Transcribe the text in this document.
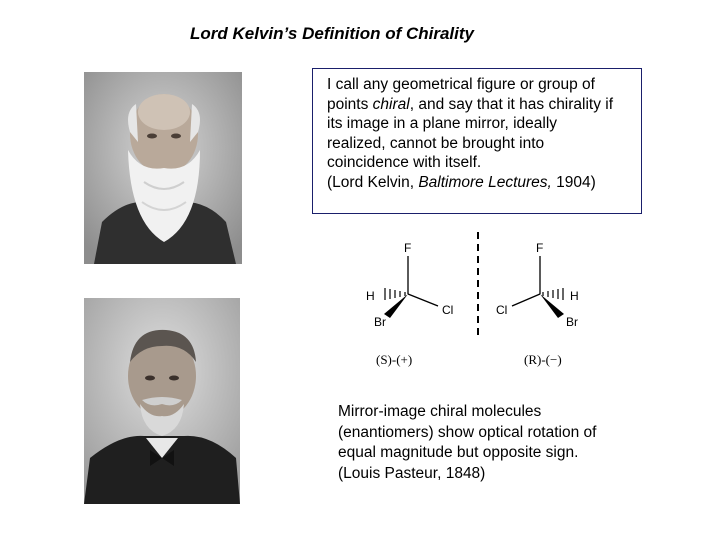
Lord Kelvin’s Definition of Chirality
I call any geometrical figure or group of
points chiral, and say that it has chirality if
its image in a plane mirror, ideally
realized, cannot be brought into
coincidence with itself.
(Lord Kelvin, Baltimore Lectures, 1904)
F
H
Br
Cl
(S)-(+)
F
Cl
Br
H
(R)-(−)
Mirror-image chiral molecules
(enantiomers) show optical rotation of
equal magnitude but opposite sign.
(Louis Pasteur, 1848)
